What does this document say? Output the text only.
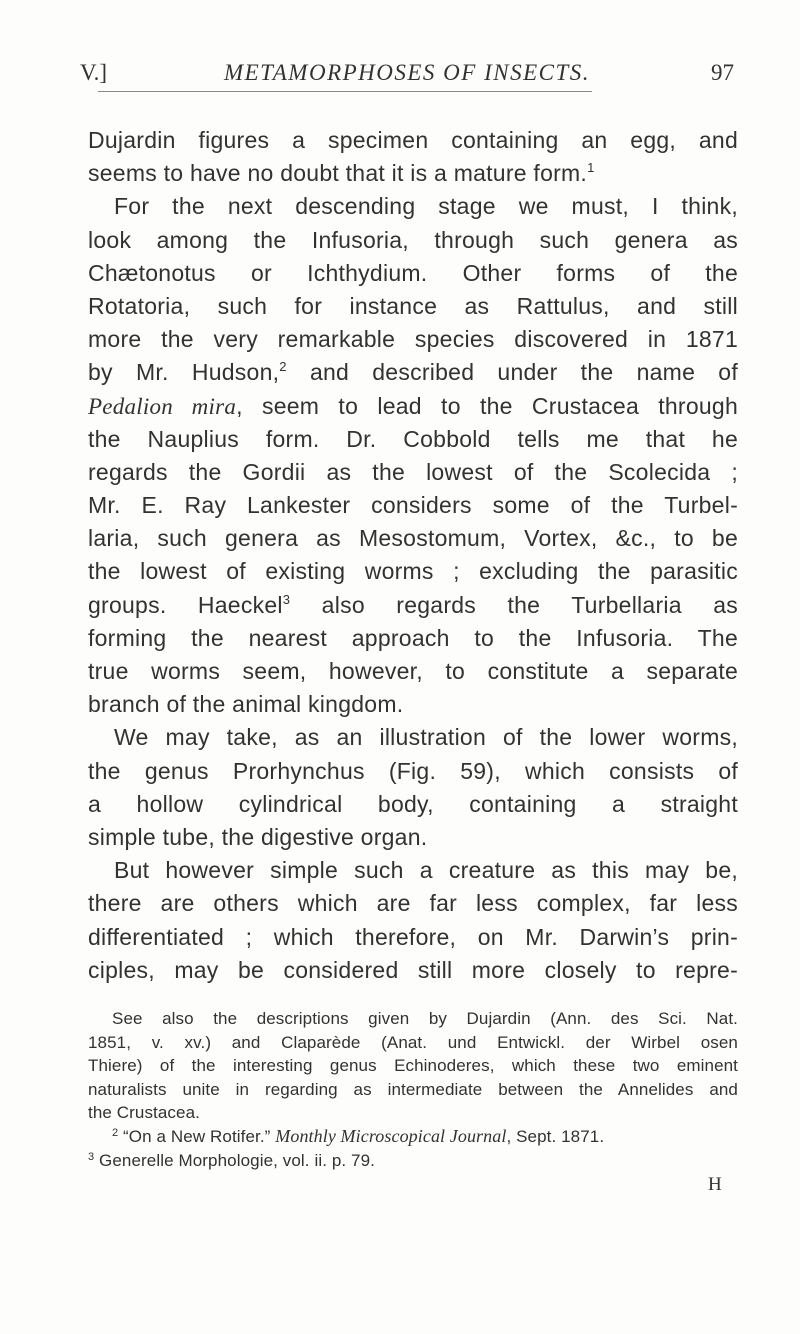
V.]	METAMORPHOSES OF INSECTS.	97
Dujardin figures a specimen containing an egg, and
seems to have no doubt that it is a mature form.$^1$
For the next descending stage we must, I think,
look among the Infusoria, through such genera as
Chætonotus or Ichthydium. Other forms of the
Rotatoria, such for instance as Rattulus, and still
more the very remarkable species discovered in 1871
by Mr. Hudson,$^2$ and described under the name of
Pedalion mira, seem to lead to the Crustacea through
the Nauplius form. Dr. Cobbold tells me that he
regards the Gordii as the lowest of the Scolecida ;
Mr. E. Ray Lankester considers some of the Turbel-
laria, such genera as Mesostomum, Vortex, &c., to be
the lowest of existing worms ; excluding the parasitic
groups. Haeckel$^3$ also regards the Turbellaria as
forming the nearest approach to the Infusoria. The
true worms seem, however, to constitute a separate
branch of the animal kingdom.
We may take, as an illustration of the lower worms,
the genus Prorhynchus (Fig. 59), which consists of
a hollow cylindrical body, containing a straight
simple tube, the digestive organ.
But however simple such a creature as this may be,
there are others which are far less complex, far less
differentiated ; which therefore, on Mr. Darwin’s prin-
ciples, may be considered still more closely to repre-
See also the descriptions given by Dujardin (Ann. des Sci. Nat.
1851, v. xv.) and Claparède (Anat. und Entwickl. der Wirbel osen
Thiere) of the interesting genus Echinoderes, which these two eminent
naturalists unite in regarding as intermediate between the Annelides and
the Crustacea.
$^2$ “On a New Rotifer.” Monthly Microscopical Journal, Sept. 1871.
$^3$ Generelle Morphologie, vol. ii. p. 79.
H
